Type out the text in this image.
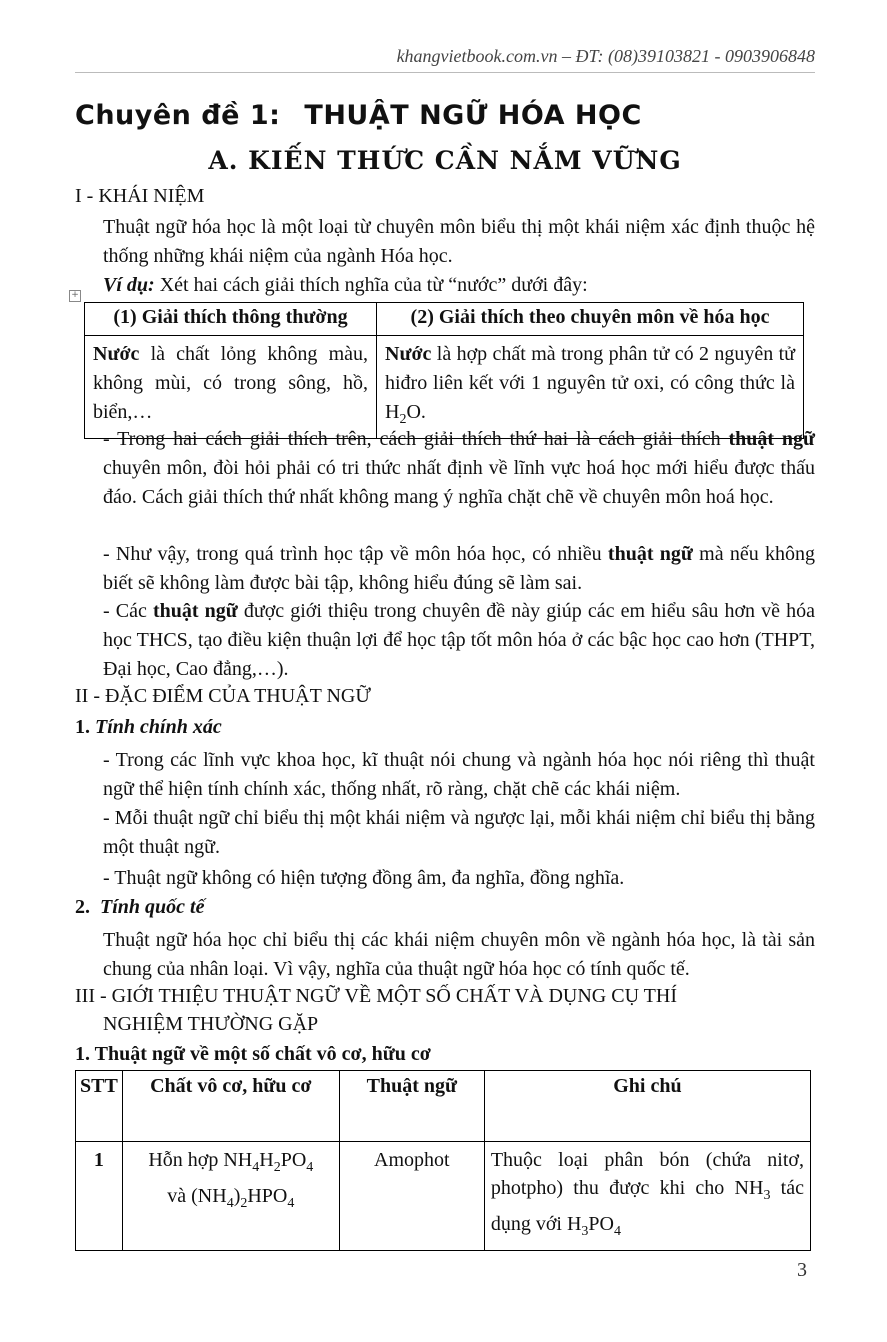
khangvietbook.com.vn – ĐT: (08)39103821 - 0903906848
Chuyên đề 1: THUẬT NGỮ HÓA HỌC
A. KIẾN THỨC CẦN NẮM VỮNG
I - KHÁI NIỆM
Thuật ngữ hóa học là một loại từ chuyên môn biểu thị một khái niệm xác định thuộc hệ thống những khái niệm của ngành Hóa học.
Ví dụ: Xét hai cách giải thích nghĩa của từ “nước” dưới đây:
+
(1) Giải thích thông thường	(2) Giải thích theo chuyên môn về hóa học
Nước là chất lỏng không màu, không mùi, có trong sông, hồ, biển,…	Nước là hợp chất mà trong phân tử có 2 nguyên tử hiđro liên kết với 1 nguyên tử oxi, có công thức là $H_2O$.
- Trong hai cách giải thích trên, cách giải thích thứ hai là cách giải thích thuật ngữ chuyên môn, đòi hỏi phải có tri thức nhất định về lĩnh vực hoá học mới hiểu được thấu đáo. Cách giải thích thứ nhất không mang ý nghĩa chặt chẽ về chuyên môn hoá học.
- Như vậy, trong quá trình học tập về môn hóa học, có nhiều thuật ngữ mà nếu không biết sẽ không làm được bài tập, không hiểu đúng sẽ làm sai.
- Các thuật ngữ được giới thiệu trong chuyên đề này giúp các em hiểu sâu hơn về hóa học THCS, tạo điều kiện thuận lợi để học tập tốt môn hóa ở các bậc học cao hơn (THPT, Đại học, Cao đẳng,…).
II - ĐẶC ĐIỂM CỦA THUẬT NGỮ
1. Tính chính xác
- Trong các lĩnh vực khoa học, kĩ thuật nói chung và ngành hóa học nói riêng thì thuật ngữ thể hiện tính chính xác, thống nhất, rõ ràng, chặt chẽ các khái niệm.
- Mỗi thuật ngữ chỉ biểu thị một khái niệm và ngược lại, mỗi khái niệm chỉ biểu thị bằng một thuật ngữ.
- Thuật ngữ không có hiện tượng đồng âm, đa nghĩa, đồng nghĩa.
2. Tính quốc tế
Thuật ngữ hóa học chỉ biểu thị các khái niệm chuyên môn về ngành hóa học, là tài sản chung của nhân loại. Vì vậy, nghĩa của thuật ngữ hóa học có tính quốc tế.
III - GIỚI THIỆU THUẬT NGỮ VỀ MỘT SỐ CHẤT VÀ DỤNG CỤ THÍ
NGHIỆM THƯỜNG GẶP
1. Thuật ngữ về một số chất vô cơ, hữu cơ
STT	Chất vô cơ, hữu cơ	Thuật ngữ	Ghi chú
1	Hỗn hợp $NH_4H_2PO_4$
và $(NH_4)_2HPO_4$	Amophot	Thuộc loại phân bón (chứa nitơ, photpho) thu được khi cho $NH_3$ tác dụng với $H_3PO_4$
3
